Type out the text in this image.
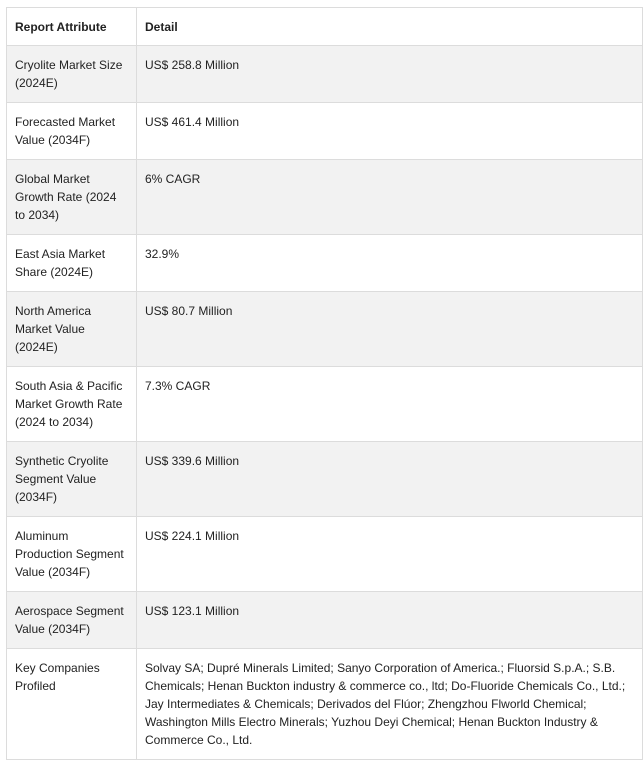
Report Attribute	Detail
Cryolite Market Size (2024E)	US$ 258.8 Million
Forecasted Market Value (2034F)	US$ 461.4 Million
Global Market Growth Rate (2024 to 2034)	6% CAGR
East Asia Market Share (2024E)	32.9%
North America Market Value (2024E)	US$ 80.7 Million
South Asia & Pacific Market Growth Rate (2024 to 2034)	7.3% CAGR
Synthetic Cryolite Segment Value (2034F)	US$ 339.6 Million
Aluminum Production Segment Value (2034F)	US$ 224.1 Million
Aerospace Segment Value (2034F)	US$ 123.1 Million
Key Companies Profiled	Solvay SA; Dupré Minerals Limited; Sanyo Corporation of America.; Fluorsid S.p.A.; S.B. Chemicals; Henan Buckton industry & commerce co., ltd; Do-Fluoride Chemicals Co., Ltd.; Jay Intermediates & Chemicals; Derivados del Flúor; Zhengzhou Flworld Chemical; Washington Mills Electro Minerals; Yuzhou Deyi Chemical; Henan Buckton Industry & Commerce Co., Ltd.
